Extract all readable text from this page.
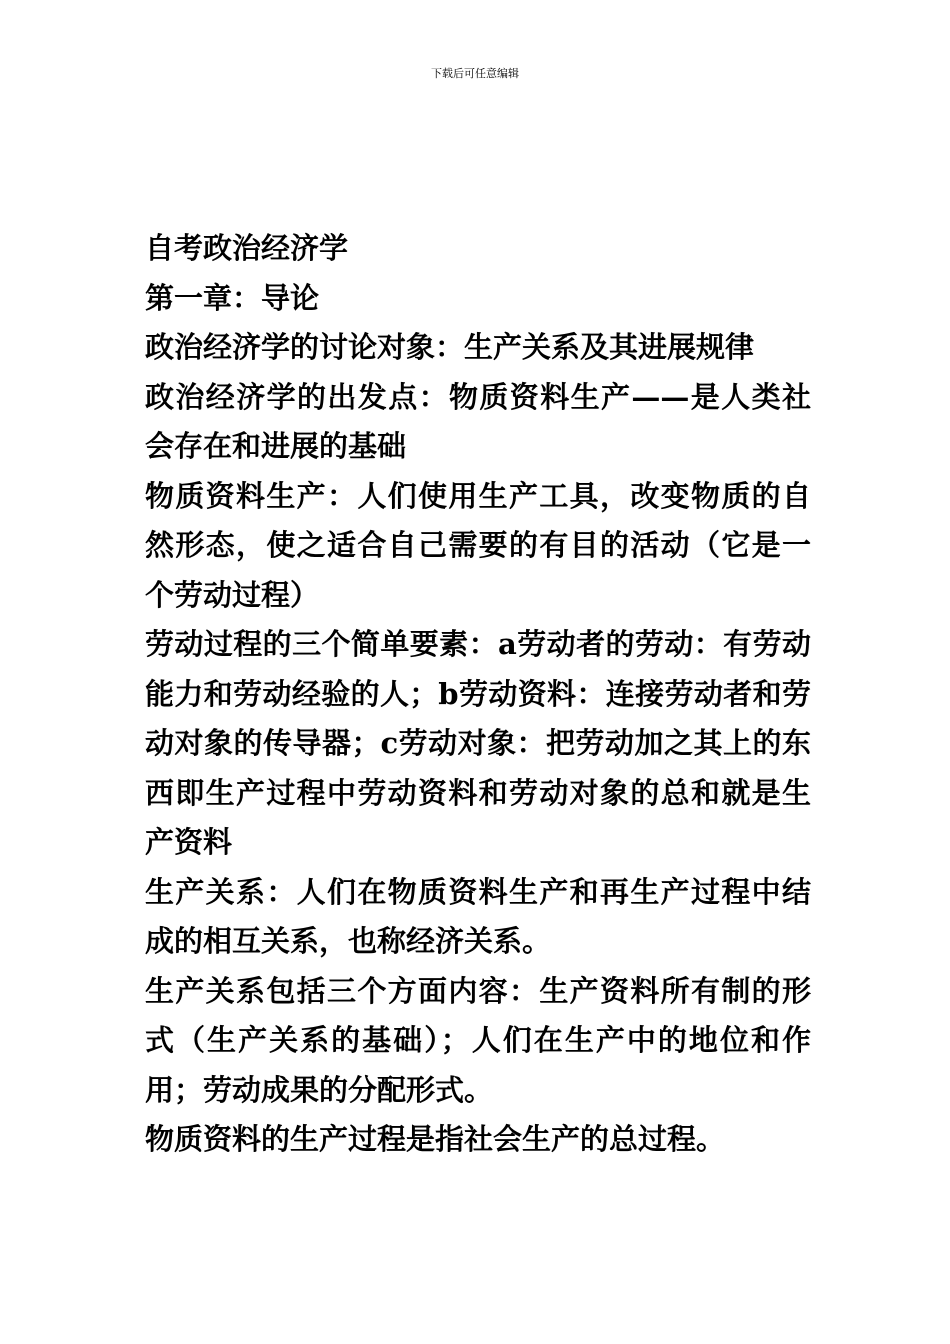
下载后可任意编辑

自考政治经济学

第一章：导论

政治经济学的讨论对象：生产关系及其进展规律

政治经济学的出发点：物质资料生产——是人类社会存在和进展的基础

物质资料生产：人们使用生产工具，改变物质的自然形态，使之适合自己需要的有目的活动（它是一个劳动过程）

劳动过程的三个简单要素：a劳动者的劳动：有劳动能力和劳动经验的人；b劳动资料：连接劳动者和劳动对象的传导器；c劳动对象：把劳动加之其上的东西即生产过程中劳动资料和劳动对象的总和就是生产资料

生产关系：人们在物质资料生产和再生产过程中结成的相互关系，也称经济关系。

生产关系包括三个方面内容：生产资料所有制的形式（生产关系的基础）；人们在生产中的地位和作用；劳动成果的分配形式。

物质资料的生产过程是指社会生产的总过程。
